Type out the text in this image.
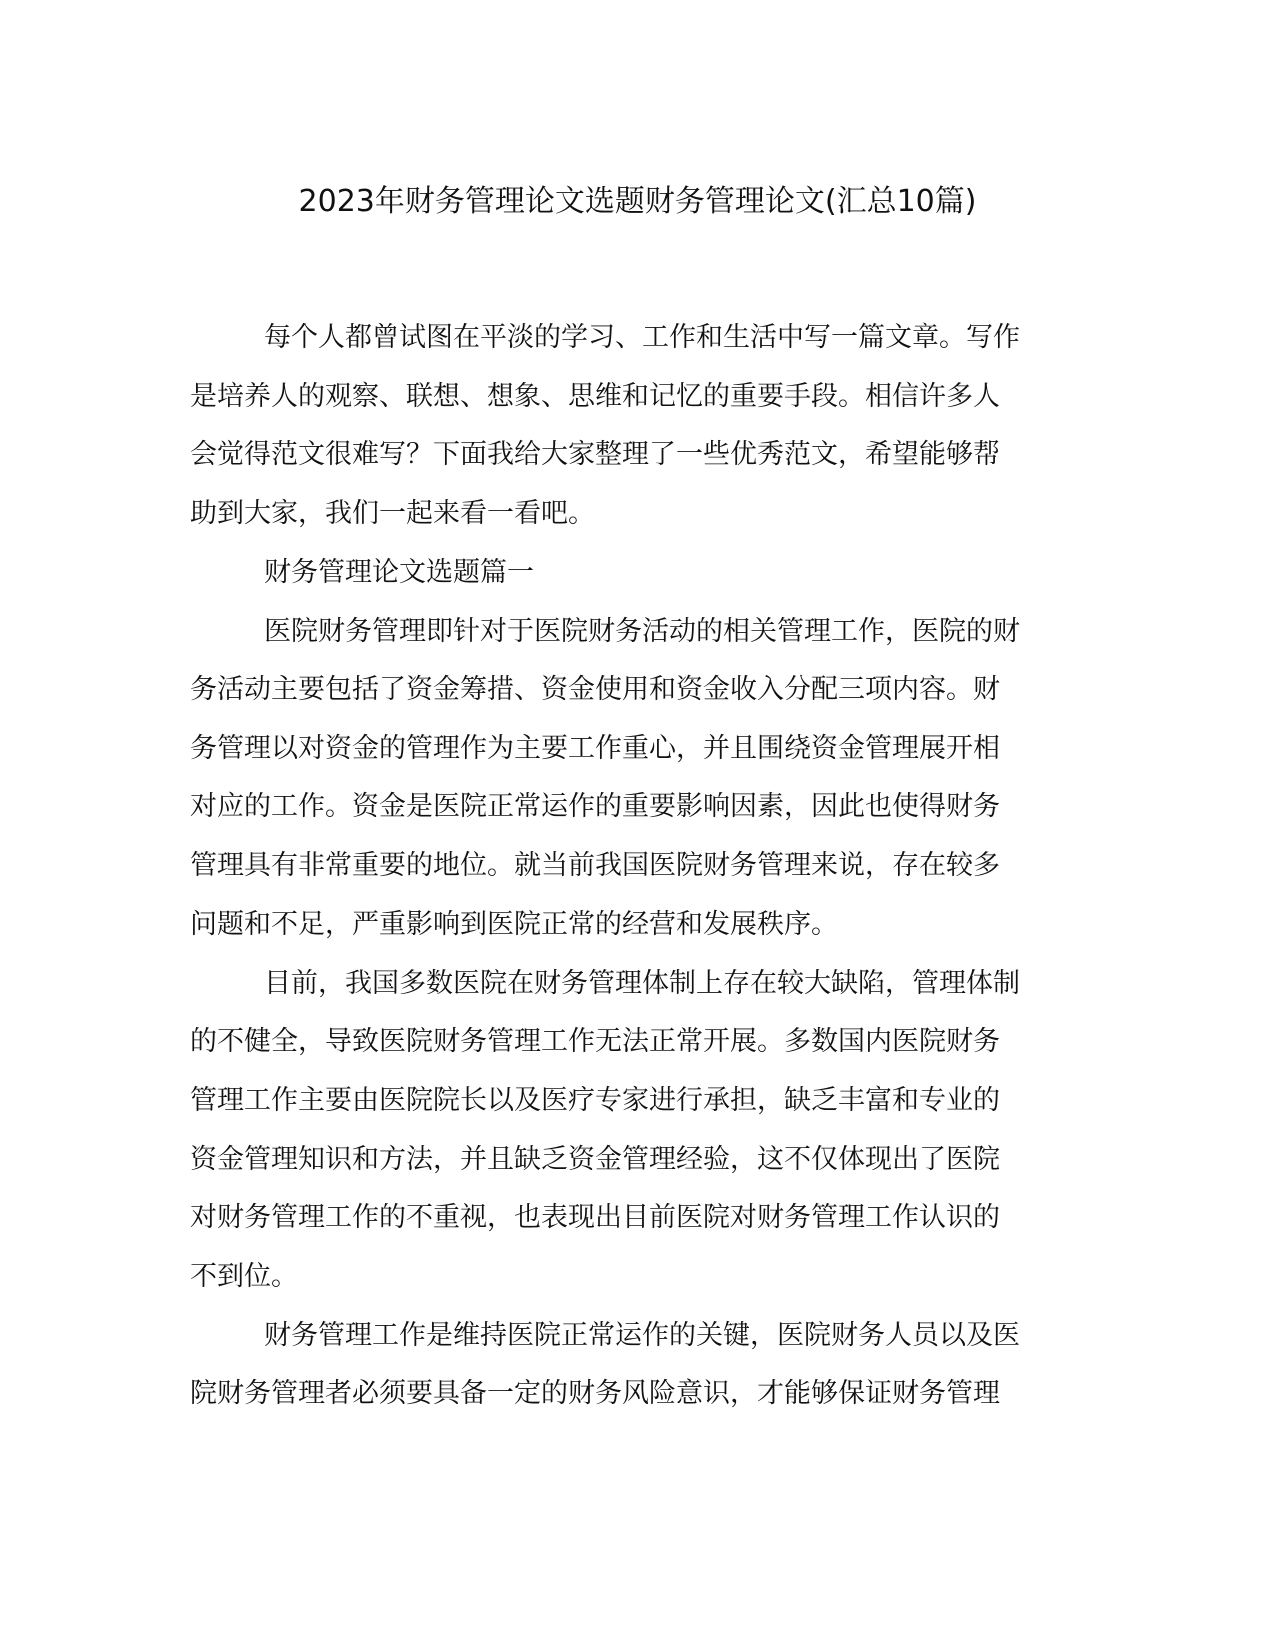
2023年财务管理论文选题财务管理论文(汇总10篇)
每个人都曾试图在平淡的学习、工作和生活中写一篇文章。写作
是培养人的观察、联想、想象、思维和记忆的重要手段。相信许多人
会觉得范文很难写？下面我给大家整理了一些优秀范文，希望能够帮
助到大家，我们一起来看一看吧。
财务管理论文选题篇一
医院财务管理即针对于医院财务活动的相关管理工作，医院的财
务活动主要包括了资金筹措、资金使用和资金收入分配三项内容。财
务管理以对资金的管理作为主要工作重心，并且围绕资金管理展开相
对应的工作。资金是医院正常运作的重要影响因素，因此也使得财务
管理具有非常重要的地位。就当前我国医院财务管理来说，存在较多
问题和不足，严重影响到医院正常的经营和发展秩序。
目前，我国多数医院在财务管理体制上存在较大缺陷，管理体制
的不健全，导致医院财务管理工作无法正常开展。多数国内医院财务
管理工作主要由医院院长以及医疗专家进行承担，缺乏丰富和专业的
资金管理知识和方法，并且缺乏资金管理经验，这不仅体现出了医院
对财务管理工作的不重视，也表现出目前医院对财务管理工作认识的
不到位。
财务管理工作是维持医院正常运作的关键，医院财务人员以及医
院财务管理者必须要具备一定的财务风险意识，才能够保证财务管理
